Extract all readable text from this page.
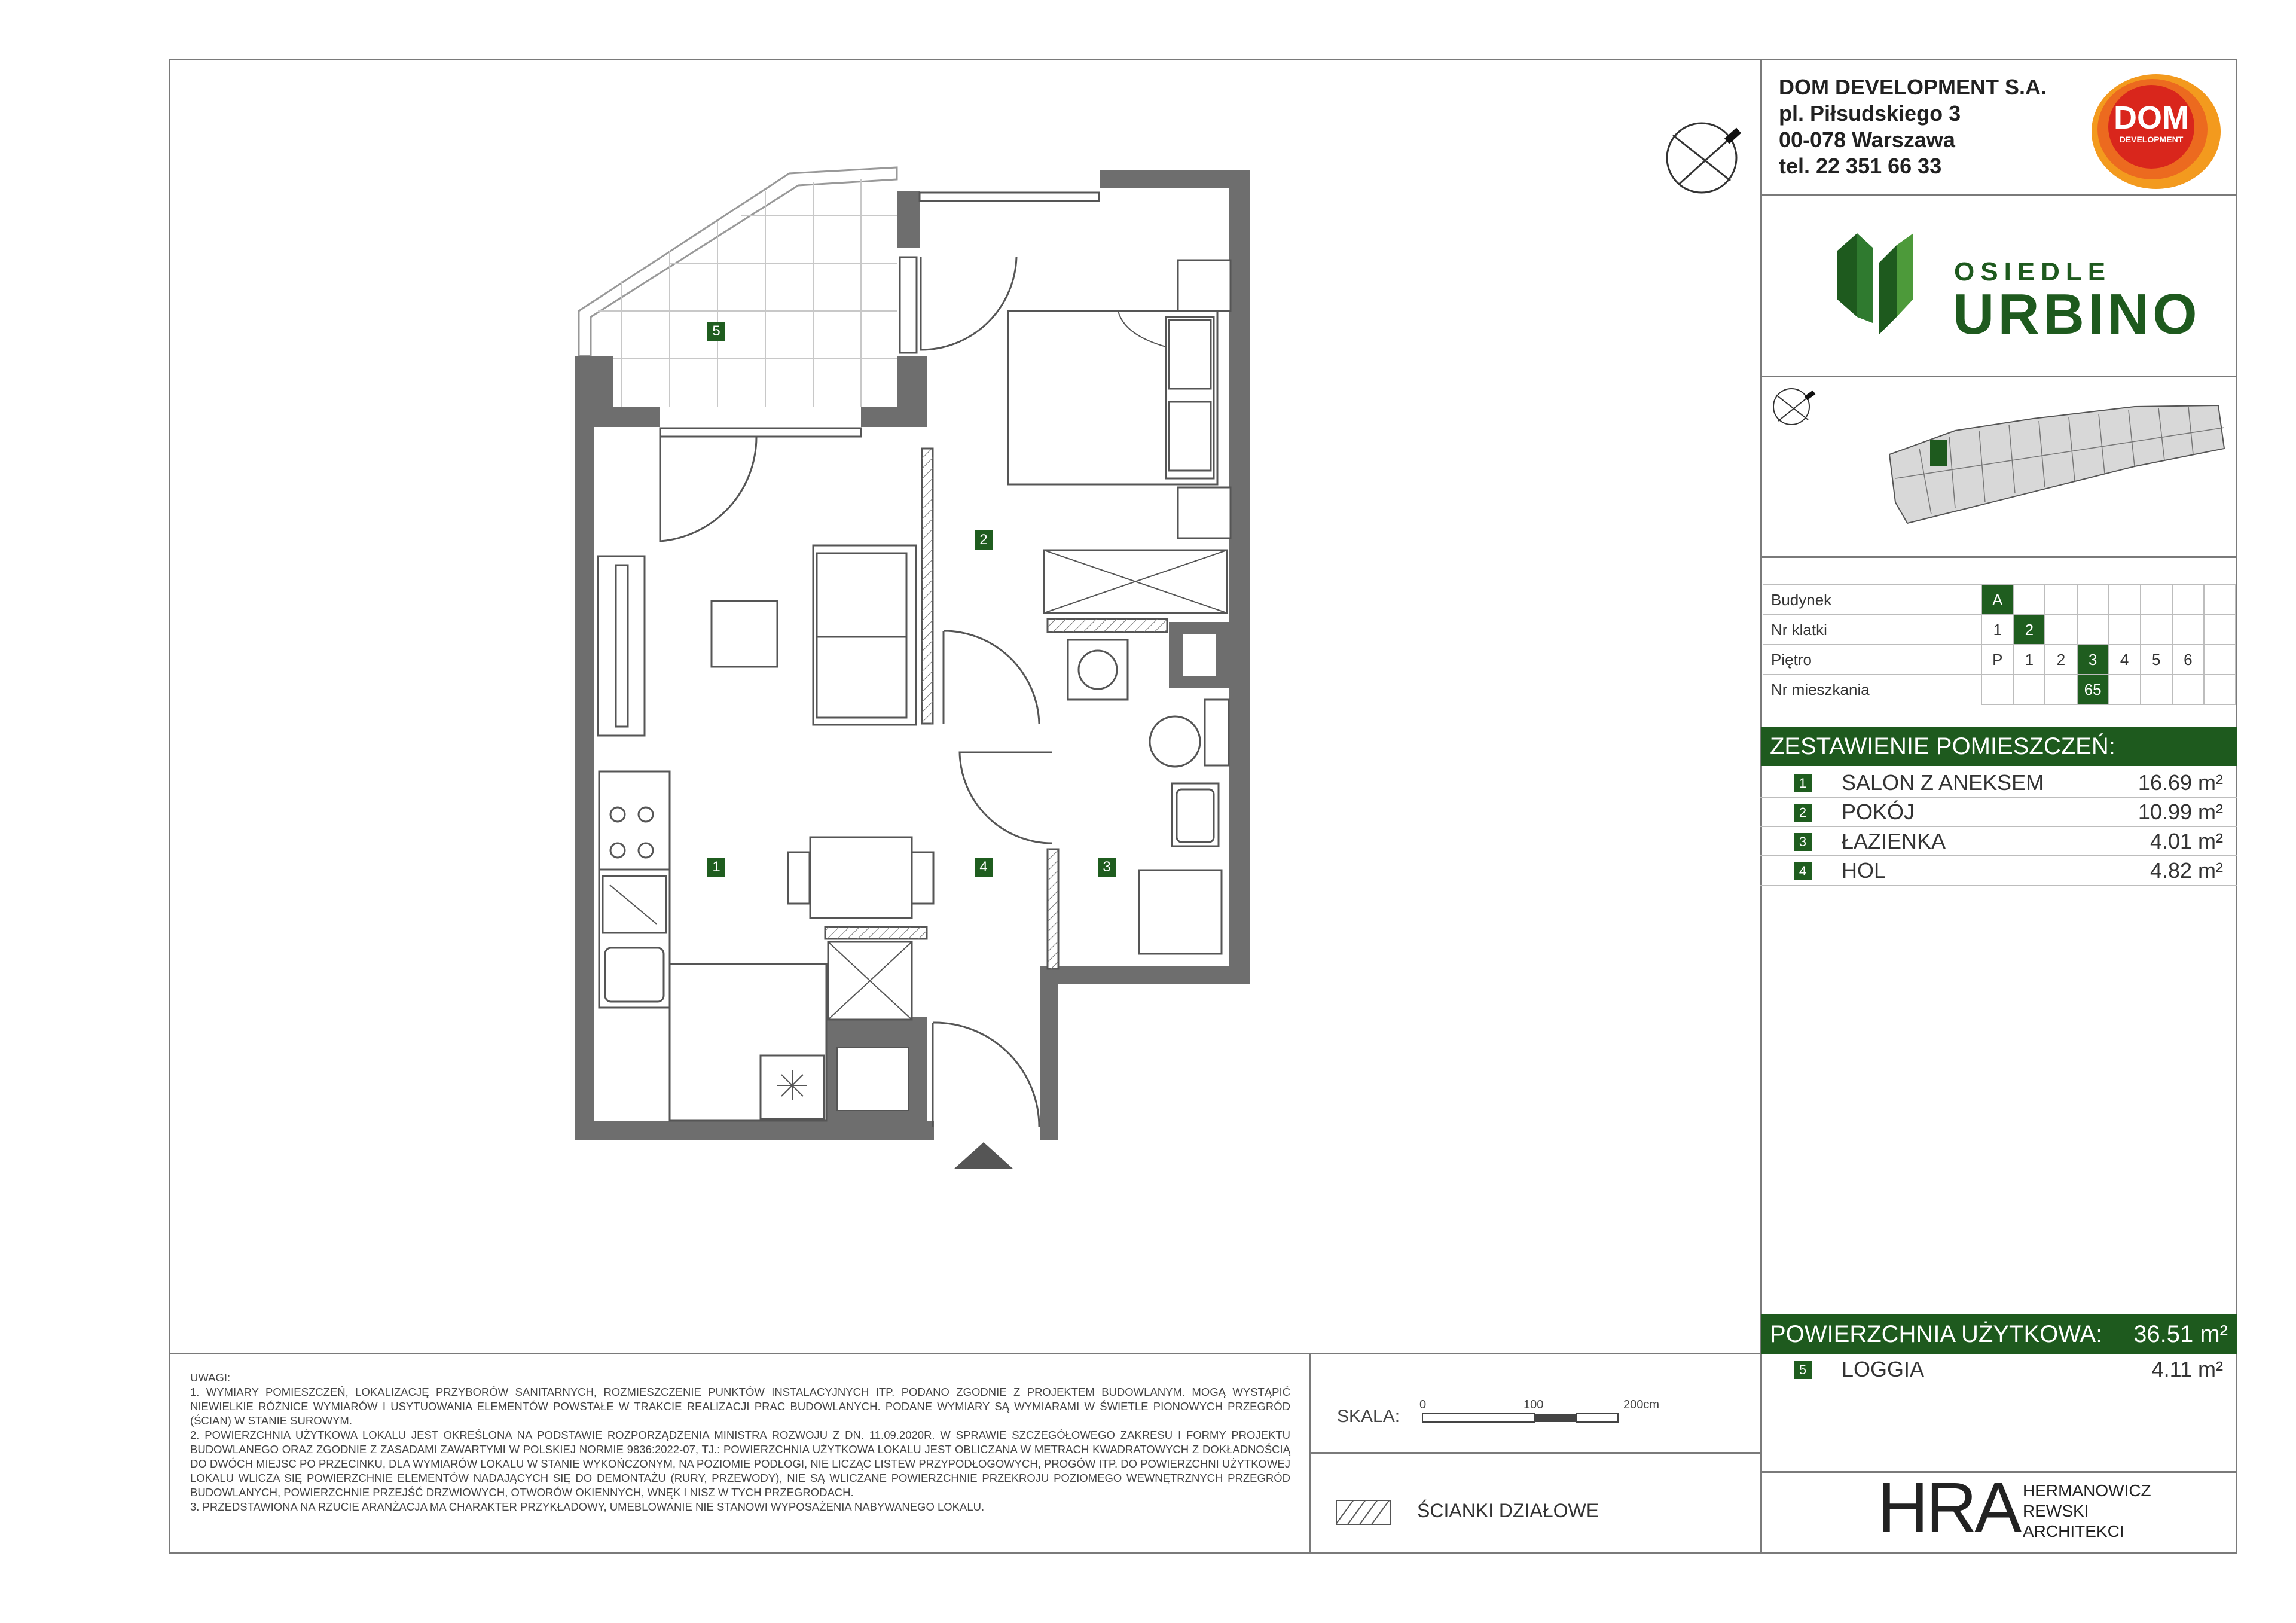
DOM DEVELOPMENT S.A.
pl. Piłsudskiego 3
00-078 Warszawa
tel. 22 351 66 33
DOM
DEVELOPMENT
OSIEDLE
URBINO
Budynek	A							
Nr klatki	1	2						
Piętro	P	1	2	3	4	5	6	
Nr mieszkania				65				
ZESTAWIENIE POMIESZCZEŃ:
1 SALON Z ANEKSEM	16.69 m²
2 POKÓJ	10.99 m²
3 ŁAZIENKA	4.01 m²
4 HOL	4.82 m²
POWIERZCHNIA UŻYTKOWA: 36.51 m²
5 LOGGIA	4.11 m²

UWAGI:

1. WYMIARY POMIESZCZEŃ, LOKALIZACJĘ PRZYBORÓW SANITARNYCH, ROZMIESZCZENIE PUNKTÓW INSTALACYJNYCH ITP. PODANO ZGODNIE Z PROJEKTEM BUDOWLANYM. MOGĄ WYSTĄPIĆ NIEWIELKIE RÓŻNICE WYMIARÓW I USYTUOWANIA ELEMENTÓW POWSTAŁE W TRAKCIE REALIZACJI PRAC BUDOWLANYCH. PODANE WYMIARY SĄ WYMIARAMI W ŚWIETLE PIONOWYCH PRZEGRÓD (ŚCIAN) W STANIE SUROWYM.

2. POWIERZCHNIA UŻYTKOWA LOKALU JEST OKREŚLONA NA PODSTAWIE ROZPORZĄDZENIA MINISTRA ROZWOJU Z DN. 11.09.2020R. W SPRAWIE SZCZEGÓŁOWEGO ZAKRESU I FORMY PROJEKTU BUDOWLANEGO ORAZ ZGODNIE Z ZASADAMI ZAWARTYMI W POLSKIEJ NORMIE 9836:2022-07, TJ.: POWIERZCHNIA UŻYTKOWA LOKALU JEST OBLICZANA W METRACH KWADRATOWYCH Z DOKŁADNOŚCIĄ DO DWÓCH MIEJSC PO PRZECINKU, DLA WYMIARÓW LOKALU W STANIE WYKOŃCZONYM, NA POZIOMIE PODŁOGI, NIE LICZĄC LISTEW PRZYPODŁOGOWYCH, PROGÓW ITP. DO POWIERZCHNI UŻYTKOWEJ LOKALU WLICZA SIĘ POWIERZCHNIE ELEMENTÓW NADAJĄCYCH SIĘ DO DEMONTAŻU (RURY, PRZEWODY), NIE SĄ WLICZANE POWIERZCHNIE PRZEKROJU POZIOMEGO WEWNĘTRZNYCH PRZEGRÓD BUDOWLANYCH, POWIERZCHNIE PRZEJŚĆ DRZWIOWYCH, OTWORÓW OKIENNYCH, WNĘK I NISZ W TYCH PRZEGRODACH.

3. PRZEDSTAWIONA NA RZUCIE ARANŻACJA MA CHARAKTER PRZYKŁADOWY, UMEBLOWANIE NIE STANOWI WYPOSAŻENIA NABYWANEGO LOKALU.

SKALA:
0	100	200cm
ŚCIANKI DZIAŁOWE	HRA HERMANOWICZ
REWSKI
ARCHITEKCI
1
2
3
4
5
